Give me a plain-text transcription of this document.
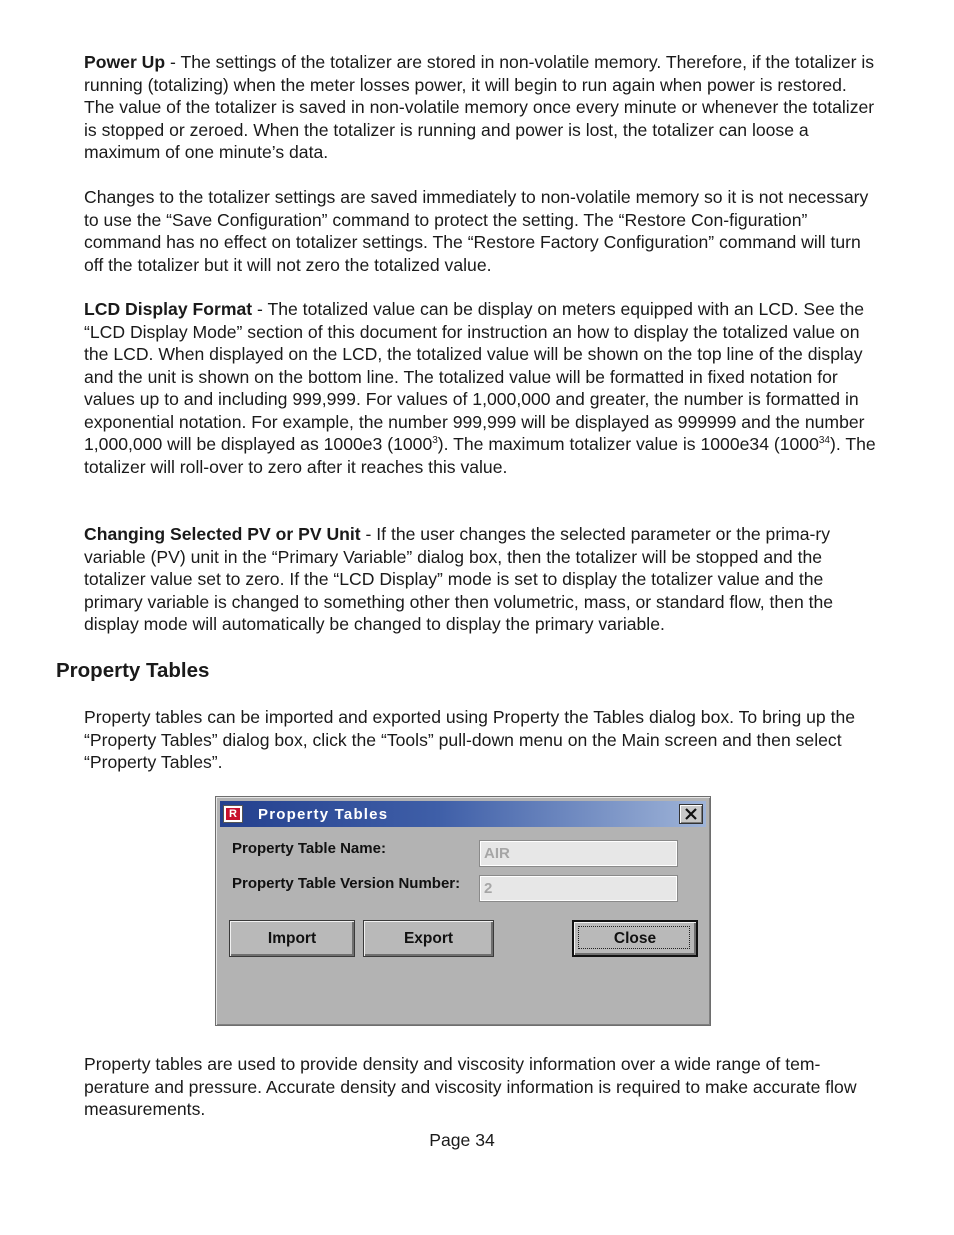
Power Up - The settings of the totalizer are stored in non-volatile memory. Therefore, if the totalizer is running (totalizing) when the meter losses power, it will begin to run again when power is restored. The value of the totalizer is saved in non-volatile memory once every minute or whenever the totalizer is stopped or zeroed. When the totalizer is running and power is lost, the totalizer can loose a maximum of one minute’s data.

Changes to the totalizer settings are saved immediately to non-volatile memory so it is not necessary to use the “Save Configuration” command to protect the setting. The “Restore Con-figuration” command has no effect on totalizer settings. The “Restore Factory Configuration” command will turn off the totalizer but it will not zero the totalized value.

LCD Display Format - The totalized value can be display on meters equipped with an LCD. See the “LCD Display Mode” section of this document for instruction an how to display the totalized value on the LCD. When displayed on the LCD, the totalized value will be shown on the top line of the display and the unit is shown on the bottom line. The totalized value will be formatted in fixed notation for values up to and including 999,999. For values of 1,000,000 and greater, the number is formatted in exponential notation. For example, the number 999,999 will be displayed as 999999 and the number 1,000,000 will be displayed as 1000e3 (1000$^3$). The maximum totalizer value is 1000e34 (1000$^{34}$). The totalizer will roll-over to zero after it reaches this value.

Changing Selected PV or PV Unit - If the user changes the selected parameter or the prima-ry variable (PV) unit in the “Primary Variable” dialog box, then the totalizer will be stopped and the totalizer value set to zero. If the “LCD Display” mode is set to display the totalizer value and the primary variable is changed to something other then volumetric, mass, or standard flow, then the display mode will automatically be changed to display the primary variable.

Property Tables

Property tables can be imported and exported using Property the Tables dialog box. To bring up the “Property Tables” dialog box, click the “Tools” pull-down menu on the Main screen and then select “Property Tables”.

R Property Tables
Property Table Name:
AIR
Property Table Version Number:
2
Import	Export	Close

Property tables are used to provide density and viscosity information over a wide range of tem-perature and pressure. Accurate density and viscosity information is required to make accurate flow measurements.

Page 34
